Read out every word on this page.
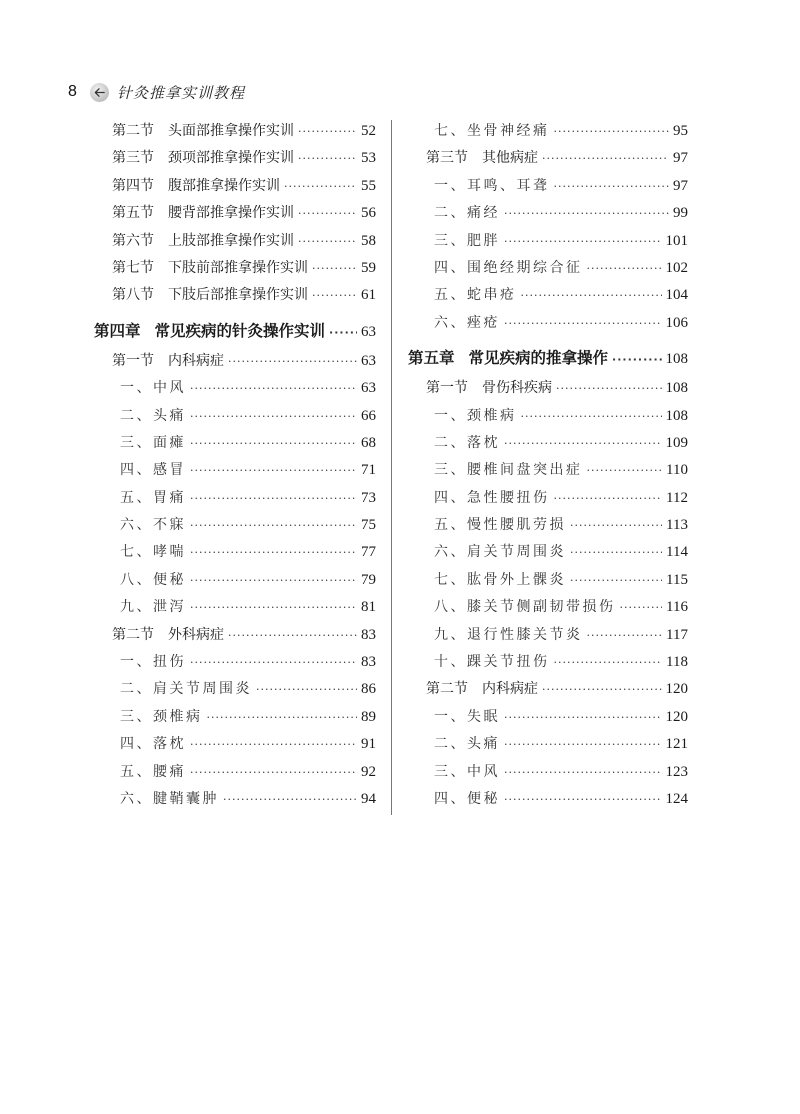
8	针灸推拿实训教程
第二节 头面部推拿操作实训 ·····	52
第三节 颈项部推拿操作实训 ·····	53
第四节 腹部推拿操作实训 ·····	55
第五节 腰背部推拿操作实训 ·····	56
第六节 上肢部推拿操作实训 ·····	58
第七节 下肢前部推拿操作实训 ·····	59
第八节 下肢后部推拿操作实训 ·····	61
第四章 常见疾病的针灸操作实训 ····· 63
第一节 内科病症 ·····	63
一、中风 ·····	63
二、头痛 ·····	66
三、面瘫 ·····	68
四、感冒 ·····	71
五、胃痛 ·····	73
六、不寐 ·····	75
七、哮喘 ·····	77
八、便秘 ·····	79
九、泄泻 ·····	81
第二节 外科病症 ·····	83
一、扭伤 ·····	83
二、肩关节周围炎 ·····	86
三、颈椎病 ·····	89
四、落枕 ·····	91
五、腰痛 ·····	92
六、腱鞘囊肿 ·····	94
七、坐骨神经痛 ·····	95
第三节 其他病症 ·····	97
一、耳鸣、耳聋 ·····	97
二、痛经 ·····	99
三、肥胖 ·····	101
四、围绝经期综合征 ·····	102
五、蛇串疮 ·····	104
六、痤疮 ·····	106
第五章 常见疾病的推拿操作 ·····	108
第一节 骨伤科疾病 ·····	108
一、颈椎病 ·····	108
二、落枕 ·····	109
三、腰椎间盘突出症 ·····	110
四、急性腰扭伤 ·····	112
五、慢性腰肌劳损 ·····	113
六、肩关节周围炎 ·····	114
七、肱骨外上髁炎 ·····	115
八、膝关节侧副韧带损伤 ·····	116
九、退行性膝关节炎 ·····	117
十、踝关节扭伤 ·····	118
第二节 内科病症 ·····	120
一、失眠 ·····	120
二、头痛 ·····	121
三、中风 ·····	123
四、便秘 ·····	124
